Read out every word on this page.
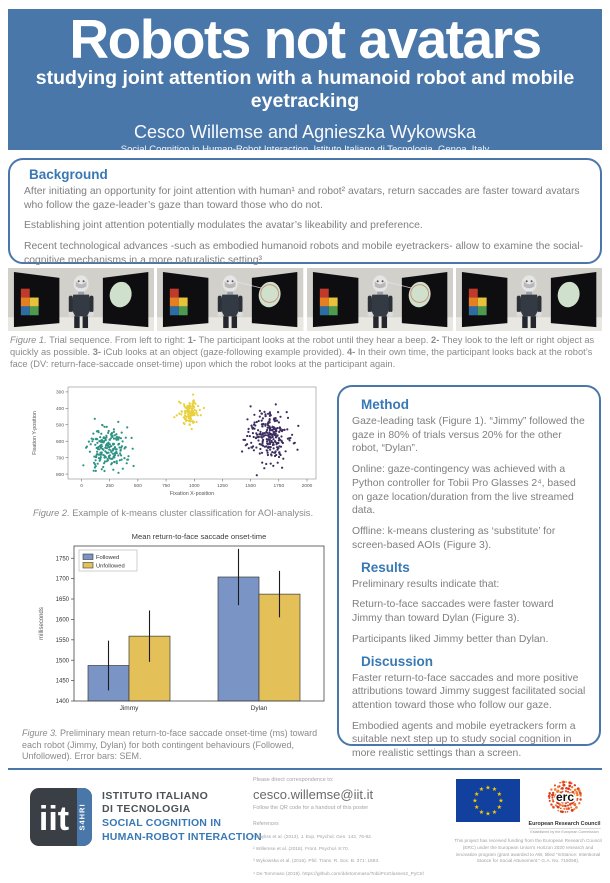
Robots not avatars
studying joint attention with a humanoid robot and mobile eyetracking
Cesco Willemse and Agnieszka Wykowska
Social Cognition in Human-Robot Interaction, Istituto Italiano di Tecnologia, Genoa, Italy
Background

After initiating an opportunity for joint attention with human¹ and robot² avatars, return saccades are faster toward avatars who follow the gaze-leader’s gaze than toward those who do not.

Establishing joint attention potentially modulates the avatar’s likeability and preference.

Recent technological advances -such as embodied humanoid robots and mobile eyetrackers- allow to examine the social-cognitive mechanisms in a more naturalistic setting³.

Figure 1. Trial sequence. From left to right: 1- The participant looks at the robot until they hear a beep. 2- They look to the left or right object as quickly as possible. 3- iCub looks at an object (gaze-following example provided). 4- In their own time, the participant looks back at the robot’s face (DV: return-face-saccade onset-time) upon which the robot looks at the participant again.

300
400
500
600
700
800
0	250	500	750	1000	1250	1500	1750	2000
Fixation X-position
Fixation Y-position

Figure 2. Example of k-means cluster classification for AOI-analysis.

Mean return-to-face saccade onset-time
milliseconds
1400
1450
1500
1550
1600
1650
1700
1750
Jimmy	Dylan
Followed
Unfollowed

Figure 3. Preliminary mean return-to-face saccade onset-time (ms) toward each robot (Jimmy, Dylan) for both contingent behaviours (Followed, Unfollowed). Error bars: SEM.

Method

Gaze-leading task (Figure 1). “Jimmy” followed the gaze in 80% of trials versus 20% for the other robot, “Dylan”.

Online: gaze-contingency was achieved with a Python controller for Tobii Pro Glasses 2⁴, based on gaze location/duration from the live streamed data.

Offline: k-means clustering as ‘substitute’ for screen-based AOIs (Figure 3).

Results

Preliminary results indicate that:

Return-to-face saccades were faster toward Jimmy than toward Dylan (Figure 3).

Participants liked Jimmy better than Dylan.

Discussion

Faster return-to-face saccades and more positive attributions toward Jimmy suggest facilitated social attention toward those who follow our gaze.

Embodied agents and mobile eyetrackers form a suitable next step up to study social cognition in more realistic settings than a screen.

iit S4HRI
ISTITUTO ITALIANO
DI TECNOLOGIA
SOCIAL COGNITION IN
HUMAN-ROBOT INTERACTION
Please direct correspondence to:
cesco.willemse@iit.it
Follow the QR code for a handout of this poster
References

¹ Bayliss et al. (2013). J. Exp. Psychol. Gen. 142, 76-92.

² Willemse et al. (2018). Front. Psychol. 9:70.

³ Wykowska et al. (2016). Phil. Trans. R. Soc. B. 371: 1693.

⁴ De Tommaso (2019). https://github.com/ddetommaso/TobiiProGlasses2_PyCtrl

★ ★
★
★
★
★
★
★
★
★
★
★	erc
European Research Council
Established by the European Commission
This project has received funding from the European Research Council (ERC) under the European Union’s Horizon 2020 research and innovation program (grant awarded to AW, titled “InStance: Intentional Stance for Social Attunement.” G.A. No. 715058).
